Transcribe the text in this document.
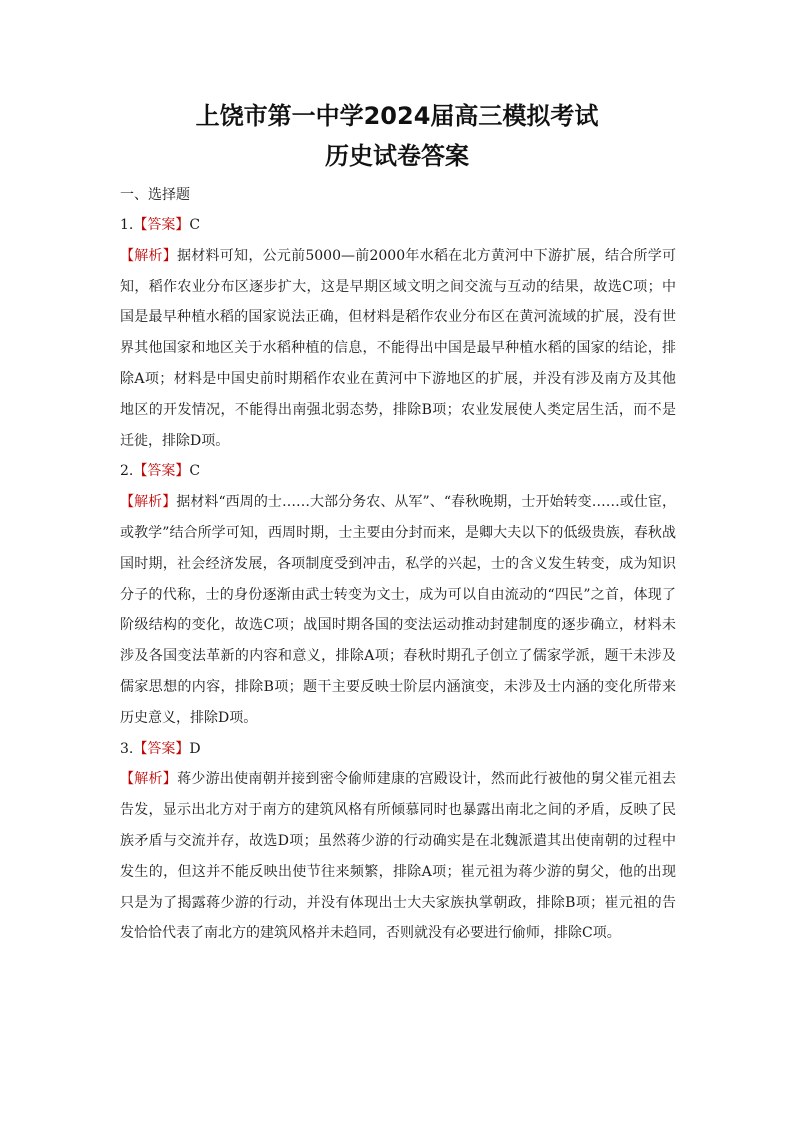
上饶市第一中学2024届高三模拟考试
历史试卷答案
一、选择题
1.【答案】C
【解析】据材料可知，公元前5000—前2000年水稻在北方黄河中下游扩展，结合所学可知，稻作农业分布区逐步扩大，这是早期区域文明之间交流与互动的结果，故选C项；中国是最早种植水稻的国家说法正确，但材料是稻作农业分布区在黄河流域的扩展，没有世界其他国家和地区关于水稻种植的信息，不能得出中国是最早种植水稻的国家的结论，排除A项；材料是中国史前时期稻作农业在黄河中下游地区的扩展，并没有涉及南方及其他地区的开发情况，不能得出南强北弱态势，排除B项；农业发展使人类定居生活，而不是迁徙，排除D项。
2.【答案】C
【解析】据材料“西周的士……大部分务农、从军”、“春秋晚期，士开始转变……或仕宦，或教学”结合所学可知，西周时期，士主要由分封而来，是卿大夫以下的低级贵族，春秋战国时期，社会经济发展，各项制度受到冲击，私学的兴起，士的含义发生转变，成为知识分子的代称，士的身份逐渐由武士转变为文士，成为可以自由流动的“四民”之首，体现了阶级结构的变化，故选C项；战国时期各国的变法运动推动封建制度的逐步确立，材料未涉及各国变法革新的内容和意义，排除A项；春秋时期孔子创立了儒家学派，题干未涉及儒家思想的内容，排除B项；题干主要反映士阶层内涵演变，未涉及士内涵的变化所带来历史意义，排除D项。
3.【答案】D
【解析】蒋少游出使南朝并接到密令偷师建康的宫殿设计，然而此行被他的舅父崔元祖去告发，显示出北方对于南方的建筑风格有所倾慕同时也暴露出南北之间的矛盾，反映了民族矛盾与交流并存，故选D项；虽然蒋少游的行动确实是在北魏派遣其出使南朝的过程中发生的，但这并不能反映出使节往来频繁，排除A项；崔元祖为蒋少游的舅父，他的出现只是为了揭露蒋少游的行动，并没有体现出士大夫家族执掌朝政，排除B项；崔元祖的告发恰恰代表了南北方的建筑风格并未趋同，否则就没有必要进行偷师，排除C项。
